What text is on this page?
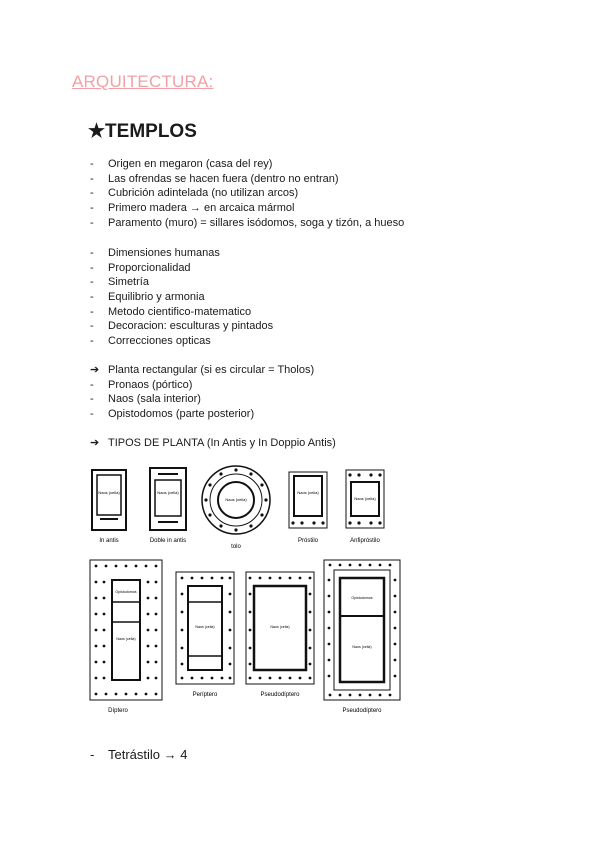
ARQUITECTURA:
★TEMPLOS
- Origen en megaron (casa del rey)
- Las ofrendas se hacen fuera (dentro no entran)
- Cubrición adintelada (no utilizan arcos)
- Primero madera → en arcaica mármol
- Paramento (muro) = sillares isódomos, soga y tizón, a hueso
- Dimensiones humanas
- Proporcionalidad
- Simetría
- Equilibrio y armonia
- Metodo cientifico-matematico
- Decoracion: esculturas y pintados
- Correcciones opticas
➔ Planta rectangular (si es circular = Tholos)
- Pronaos (pórtico)
- Naos (sala interior)
- Opistodomos (parte posterior)
➔ TIPOS DE PLANTA (In Antis y In Doppio Antis)
Naos (cella)
In antis
Naos (cella)
Doble in antis
Naos (cella)
tolo
Naos (cella)
Próstilo
Naos (cella)
Anfipróstilo
Opistodomos
Naos (cella)
Díptero
Naos (cella)
Períptero
Naos (cella)
Pseudodíptero
Opistodomos
Naos (cella)
Pseudodíptero
- Tetrástilo → 4
